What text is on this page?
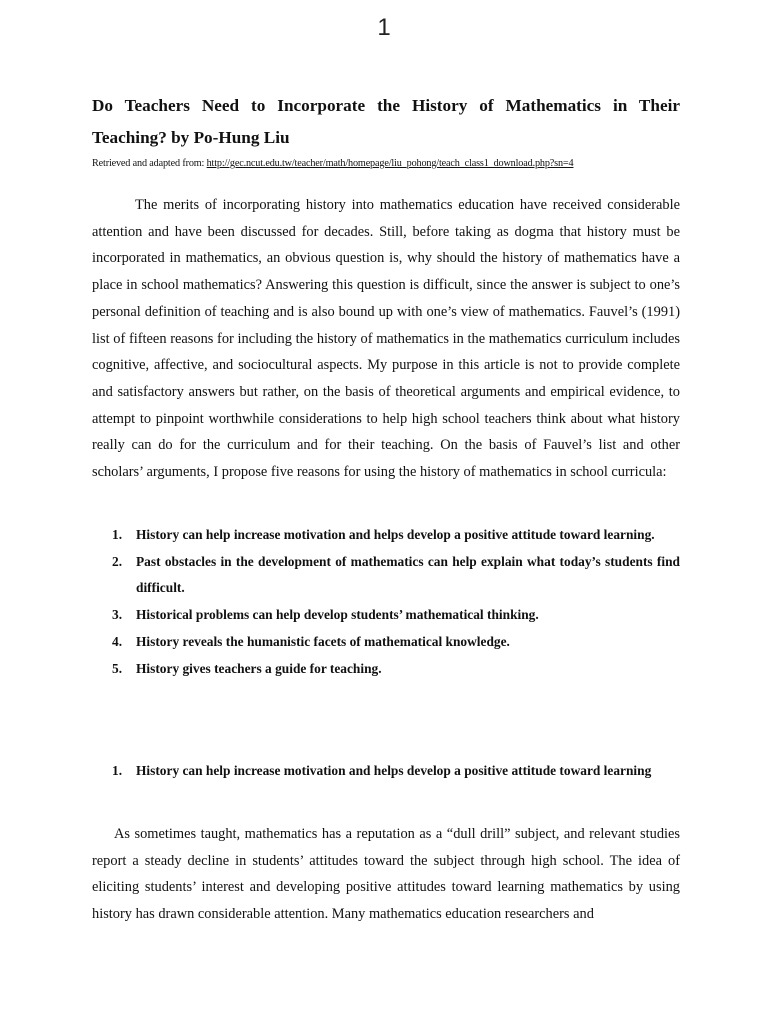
1
Do Teachers Need to Incorporate the History of Mathematics in Their Teaching? by Po-Hung Liu

Retrieved and adapted from: http://gec.ncut.edu.tw/teacher/math/homepage/liu_pohong/teach_class1_download.php?sn=4

The merits of incorporating history into mathematics education have received considerable attention and have been discussed for decades. Still, before taking as dogma that history must be incorporated in mathematics, an obvious question is, why should the history of mathematics have a place in school mathematics? Answering this question is difficult, since the answer is subject to one’s personal definition of teaching and is also bound up with one’s view of mathematics. Fauvel’s (1991) list of fifteen reasons for including the history of mathematics in the mathematics curriculum includes cognitive, affective, and sociocultural aspects. My purpose in this article is not to provide complete and satisfactory answers but rather, on the basis of theoretical arguments and empirical evidence, to attempt to pinpoint worthwhile considerations to help high school teachers think about what history really can do for the curriculum and for their teaching. On the basis of Fauvel’s list and other scholars’ arguments, I propose five reasons for using the history of mathematics in school curricula:

1. History can help increase motivation and helps develop a positive attitude toward learning.
2. Past obstacles in the development of mathematics can help explain what today’s students find difficult.
3. Historical problems can help develop students’ mathematical thinking.
4. History reveals the humanistic facets of mathematical knowledge.
5. History gives teachers a guide for teaching.
1. History can help increase motivation and helps develop a positive attitude toward learning

As sometimes taught, mathematics has a reputation as a “dull drill” subject, and relevant studies report a steady decline in students’ attitudes toward the subject through high school. The idea of eliciting students’ interest and developing positive attitudes toward learning mathematics by using history has drawn considerable attention. Many mathematics education researchers and
